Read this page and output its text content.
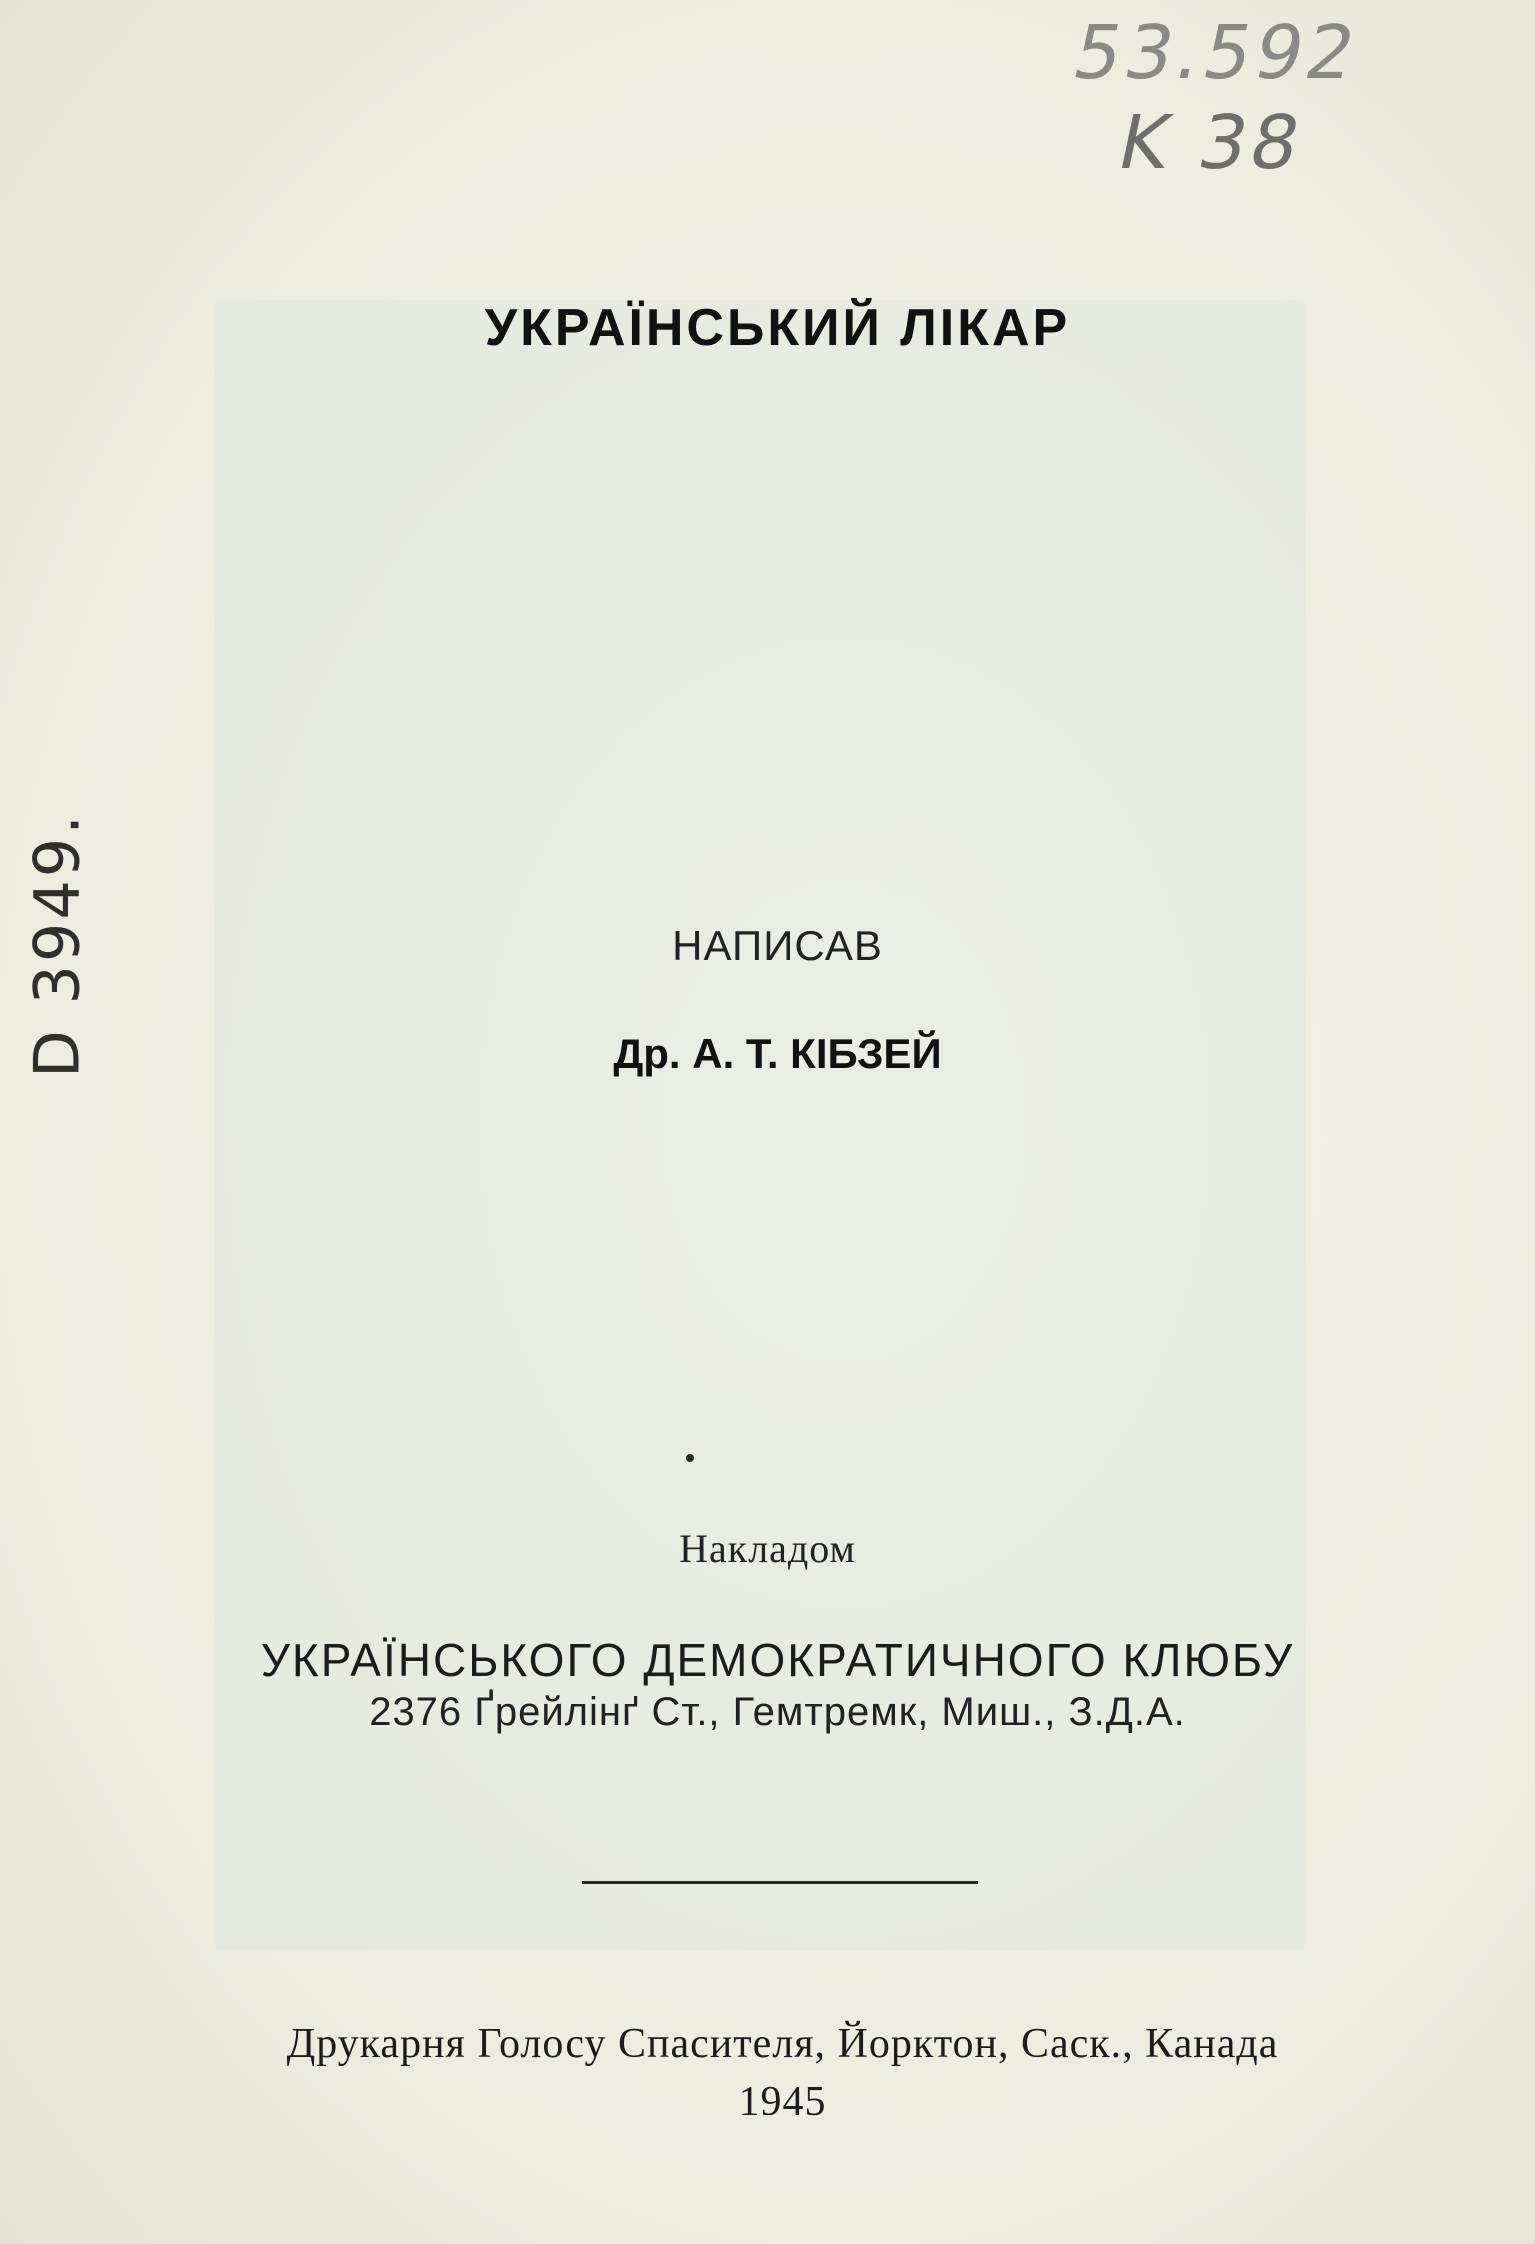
53.592
K 38
D 3949.
УКРАЇНСЬКИЙ ЛІКАР
НАПИСАВ
Др. А. Т. КІБЗЕЙ
Накладом
УКРАЇНСЬКОГО ДЕМОКРАТИЧНОГО КЛЮБУ
2376 Ґрейлінґ Ст., Гемтремк, Миш., З.Д.А.
Друкарня Голосу Спасителя, Йорктон, Саск., Канада
1945
